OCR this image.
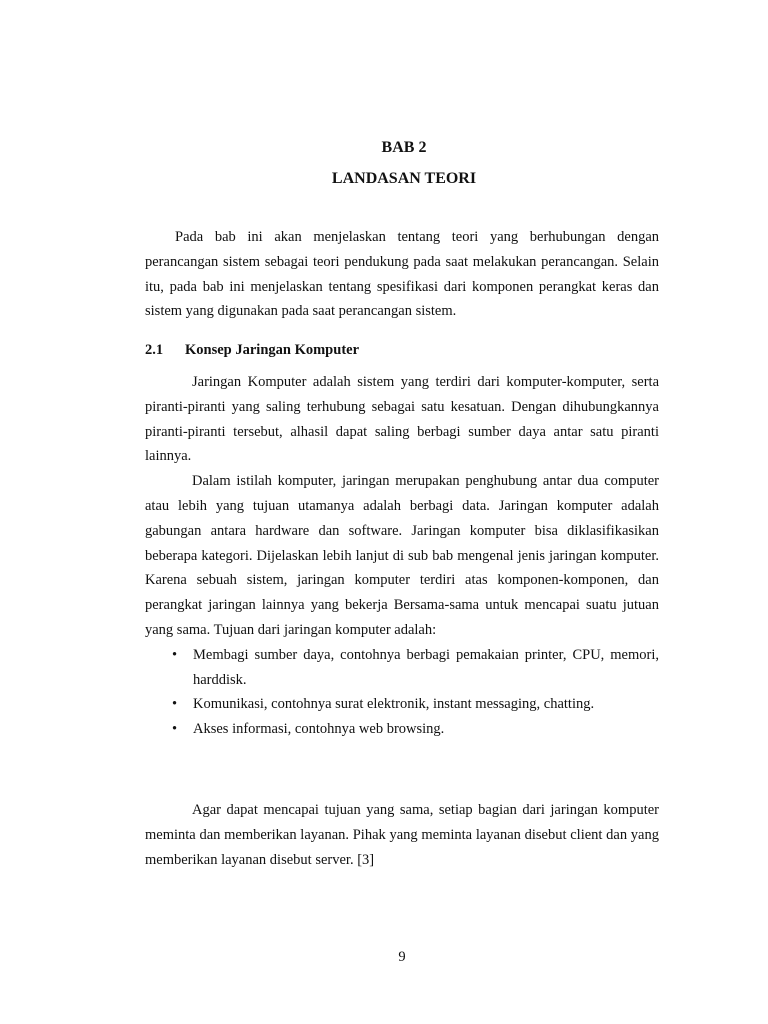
BAB 2
LANDASAN TEORI

Pada bab ini akan menjelaskan tentang teori yang berhubungan dengan perancangan sistem sebagai teori pendukung pada saat melakukan perancangan. Selain itu, pada bab ini menjelaskan tentang spesifikasi dari komponen perangkat keras dan sistem yang digunakan pada saat perancangan sistem.

2.1 Konsep Jaringan Komputer

Jaringan Komputer adalah sistem yang terdiri dari komputer-komputer, serta piranti-piranti yang saling terhubung sebagai satu kesatuan. Dengan dihubungkannya piranti-piranti tersebut, alhasil dapat saling berbagi sumber daya antar satu piranti lainnya.

Dalam istilah komputer, jaringan merupakan penghubung antar dua computer atau lebih yang tujuan utamanya adalah berbagi data. Jaringan komputer adalah gabungan antara hardware dan software. Jaringan komputer bisa diklasifikasikan beberapa kategori. Dijelaskan lebih lanjut di sub bab mengenal jenis jaringan komputer. Karena sebuah sistem, jaringan komputer terdiri atas komponen-komponen, dan perangkat jaringan lainnya yang bekerja Bersama-sama untuk mencapai suatu jutuan yang sama. Tujuan dari jaringan komputer adalah:

• Membagi sumber daya, contohnya berbagi pemakaian printer, CPU, memori, harddisk.
• Komunikasi, contohnya surat elektronik, instant messaging, chatting.
• Akses informasi, contohnya web browsing.

Agar dapat mencapai tujuan yang sama, setiap bagian dari jaringan komputer meminta dan memberikan layanan. Pihak yang meminta layanan disebut client dan yang memberikan layanan disebut server. [3]

9
